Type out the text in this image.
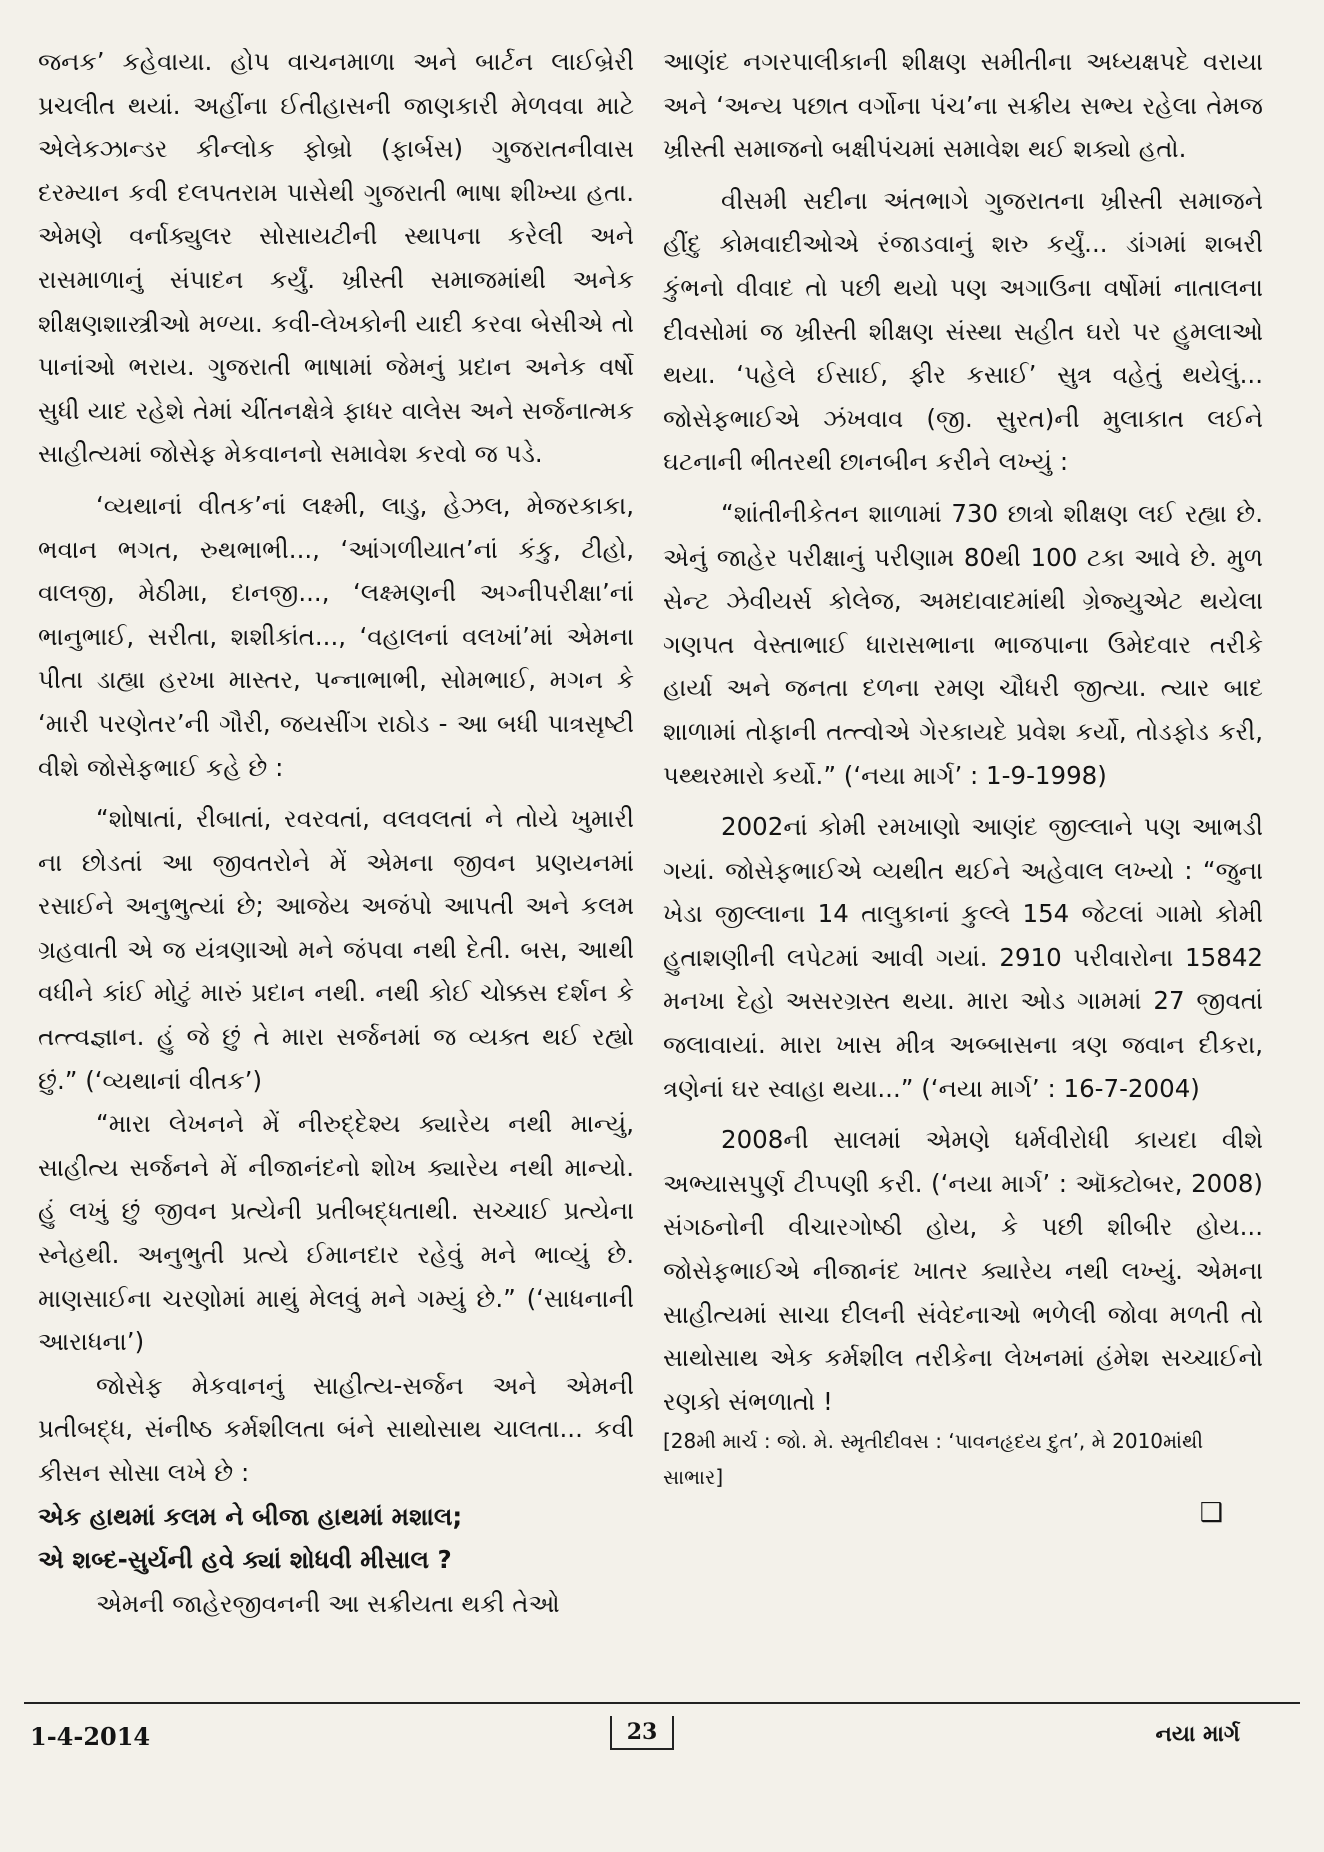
જનક’ કહેવાયા. હોપ વાચનમાળા અને બાર્ટન લાઈબ્રેરી પ્રચલીત થયાં. અહીંના ઈતીહાસની જાણકારી મેળવવા માટે એલેકઝાન્ડર કીન્લોક ફોબ્રો (ફાર્બસ) ગુજરાતનીવાસ દરમ્યાન કવી દલપતરામ પાસેથી ગુજરાતી ભાષા શીખ્યા હતા. એમણે વર્નાક્યુલર સોસાયટીની સ્થાપના કરેલી અને રાસમાળાનું સંપાદન કર્યું. ખ્રીસ્તી સમાજમાંથી અનેક શીક્ષણશાસ્ત્રીઓ મળ્યા. કવી-લેખકોની યાદી કરવા બેસીએ તો પાનાંઓ ભરાય. ગુજરાતી ભાષામાં જેમનું પ્રદાન અનેક વર્ષો સુધી યાદ રહેશે તેમાં ચીંતનક્ષેત્રે ફાધર વાલેસ અને સર્જનાત્મક સાહીત્યમાં જોસેફ મેકવાનનો સમાવેશ કરવો જ પડે.

‘વ્યથાનાં વીતક’નાં લક્ષ્મી, લાડુ, હેઝલ, મેજરકાકા, ભવાન ભગત, રુથભાભી..., ‘આંગળીયાત’નાં કંકુ, ટીહો, વાલજી, મેઠીમા, દાનજી..., ‘લક્ષ્મણની અગ્નીપરીક્ષા’નાં ભાનુભાઈ, સરીતા, શશીકાંત..., ‘વહાલનાં વલખાં’માં એમના પીતા ડાહ્યા હરખા માસ્તર, પન્નાભાભી, સોમભાઈ, મગન કે ‘મારી પરણેતર’ની ગૌરી, જયસીંગ રાઠોડ - આ બધી પાત્રસૃષ્ટી વીશે જોસેફભાઈ કહે છે :

“શોષાતાં, રીબાતાં, રવરવતાં, વલવલતાં ને તોયે ખુમારી ના છોડતાં આ જીવતરોને મેં એમના જીવન પ્રણયનમાં રસાઈને અનુભુત્યાં છે; આજેય અજંપો આપતી અને કલમ ગ્રહવાતી એ જ યંત્રણાઓ મને જંપવા નથી દેતી. બસ, આથી વધીને કાંઈ મોટું મારું પ્રદાન નથી. નથી કોઈ ચોક્કસ દર્શન કે તત્ત્વજ્ઞાન. હું જે છું તે મારા સર્જનમાં જ વ્યક્ત થઈ રહ્યો છું.” (‘વ્યથાનાં વીતક’)

“મારા લેખનને મેં નીરુદ્દેશ્ય ક્યારેય નથી માન્યું, સાહીત્ય સર્જનને મેં નીજાનંદનો શોખ ક્યારેય નથી માન્યો. હું લખું છું જીવન પ્રત્યેની પ્રતીબદ્ધતાથી. સચ્ચાઈ પ્રત્યેના સ્નેહથી. અનુભુતી પ્રત્યે ઈમાનદાર રહેવું મને ભાવ્યું છે. માણસાઈના ચરણોમાં માથું મેલવું મને ગમ્યું છે.” (‘સાધનાની આરાધના’)

જોસેફ મેકવાનનું સાહીત્ય-સર્જન અને એમની પ્રતીબદ્ધ, સંનીષ્ઠ કર્મશીલતા બંને સાથોસાથ ચાલતા... કવી કીસન સોસા લખે છે :

એક હાથમાં કલમ ને બીજા હાથમાં મશાલ;

એ શબ્દ-સુર્યની હવે ક્યાં શોધવી મીસાલ ?

એમની જાહેરજીવનની આ સક્રીયતા થકી તેઓ

આણંદ નગરપાલીકાની શીક્ષણ સમીતીના અધ્યક્ષપદે વરાયા અને ‘અન્ય પછાત વર્ગોના પંચ’ના સક્રીય સભ્ય રહેલા તેમજ ખ્રીસ્તી સમાજનો બક્ષીપંચમાં સમાવેશ થઈ શક્યો હતો.

વીસમી સદીના અંતભાગે ગુજરાતના ખ્રીસ્તી સમાજને હીંદુ કોમવાદીઓએ રંજાડવાનું શરુ કર્યું... ડાંગમાં શબરી કુંભનો વીવાદ તો પછી થયો પણ અગાઉના વર્ષોમાં નાતાલના દીવસોમાં જ ખ્રીસ્તી શીક્ષણ સંસ્થા સહીત ઘરો પર હુમલાઓ થયા. ‘પહેલે ઈસાઈ, ફીર કસાઈ’ સુત્ર વહેતું થયેલું... જોસેફભાઈએ ઝંખવાવ (જી. સુરત)ની મુલાકાત લઈને ઘટનાની ભીતરથી છાનબીન કરીને લખ્યું :

“શાંતીનીકેતન શાળામાં 730 છાત્રો શીક્ષણ લઈ રહ્યા છે. એનું જાહેર પરીક્ષાનું પરીણામ 80થી 100 ટકા આવે છે. મુળ સેન્ટ ઝેવીયર્સ કોલેજ, અમદાવાદમાંથી ગ્રેજ્યુએટ થયેલા ગણપત વેસ્તાભાઈ ધારાસભાના ભાજપાના ઉમેદવાર તરીકે હાર્યા અને જનતા દળના રમણ ચૌધરી જીત્યા. ત્યાર બાદ શાળામાં તોફાની તત્ત્વોએ ગેરકાયદે પ્રવેશ કર્યો, તોડફોડ કરી, પથ્થરમારો કર્યો.” (‘નયા માર્ગ’ : 1-9-1998)

2002નાં કોમી રમખાણો આણંદ જીલ્લાને પણ આભડી ગયાં. જોસેફભાઈએ વ્યથીત થઈને અહેવાલ લખ્યો : “જુના ખેડા જીલ્લાના 14 તાલુકાનાં કુલ્લે 154 જેટલાં ગામો કોમી હુતાશણીની લપેટમાં આવી ગયાં. 2910 પરીવારોના 15842 મનખા દેહો અસરગ્રસ્ત થયા. મારા ઓડ ગામમાં 27 જીવતાં જલાવાયાં. મારા ખાસ મીત્ર અબ્બાસના ત્રણ જવાન દીકરા, ત્રણેનાં ઘર સ્વાહા થયા...” (‘નયા માર્ગ’ : 16-7-2004)

2008ની સાલમાં એમણે ધર્મવીરોધી કાયદા વીશે અભ્યાસપુર્ણ ટીપ્પણી કરી. (‘નયા માર્ગ’ : ઑક્ટોબર, 2008) સંગઠનોની વીચારગોષ્ઠી હોય, કે પછી શીબીર હોય... જોસેફભાઈએ નીજાનંદ ખાતર ક્યારેય નથી લખ્યું. એમના સાહીત્યમાં સાચા દીલની સંવેદનાઓ ભળેલી જોવા મળતી તો સાથોસાથ એક કર્મશીલ તરીકેના લેખનમાં હંમેશ સચ્ચાઈનો રણકો સંભળાતો !

[28મી માર્ચ : જો. મે. સ્મૃતીદીવસ : ‘પાવનહૃદય દુત’, મે 2010માંથી સાભાર]

❑

1-4-2014	23	નયા માર્ગ
